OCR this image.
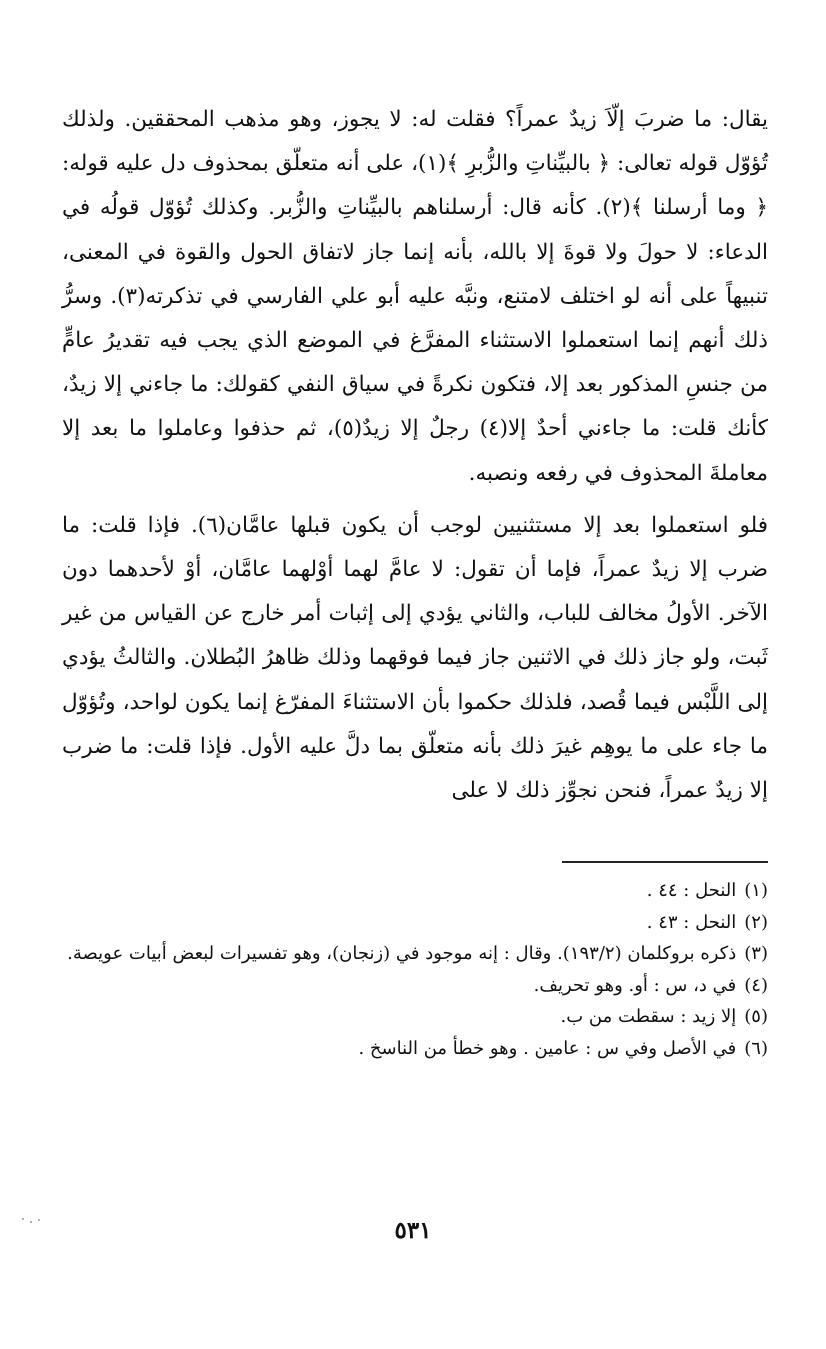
يقال: ما ضربَ إلّاَ زيدٌ عمراً؟ فقلت له: لا يجوز، وهو مذهب المحققين. ولذلك تُؤوّل قوله تعالى: ﴿ بالبيِّناتِ والزُّبرِ ﴾(١)، على أنه متعلّق بمحذوف دل عليه قوله: ﴿ وما أرسلنا ﴾(٢). كأنه قال: أرسلناهم بالبيِّناتِ والزُّبر. وكذلك تُؤوّل قولُه في الدعاء: لا حولَ ولا قوةَ إلا بالله، بأنه إنما جاز لاتفاق الحول والقوة في المعنى، تنبيهاً على أنه لو اختلف لامتنع، ونبَّه عليه أبو علي الفارسي في تذكرته(٣). وسرُّ ذلك أنهم إنما استعملوا الاستثناء المفرَّغ في الموضع الذي يجب فيه تقديرُ عامٍّ من جنسِ المذكور بعد إلا، فتكون نكرةً في سياق النفي كقولك: ما جاءني إلا زيدٌ، كأنك قلت: ما جاءني أحدٌ إلا(٤) رجلٌ إلا زيدٌ(٥)، ثم حذفوا وعاملوا ما بعد إلا معاملةَ المحذوف في رفعه ونصبه.

فلو استعملوا بعد إلا مستثنيين لوجب أن يكون قبلها عامَّان(٦). فإذا قلت: ما ضرب إلا زيدٌ عمراً، فإما أن تقول: لا عامَّ لهما أوْلهما عامَّان، أوْ لأحدهما دون الآخر. الأولُ مخالف للباب، والثاني يؤدي إلى إثبات أمر خارج عن القياس من غير ثَبت، ولو جاز ذلك في الاثنين جاز فيما فوقهما وذلك ظاهرُ البُطلان. والثالثُ يؤدي إلى اللَّبْس فيما قُصد، فلذلك حكموا بأن الاستثناءَ المفرّغ إنما يكون لواحد، وتُؤوّل ما جاء على ما يوهِم غيرَ ذلك بأنه متعلّق بما دلَّ عليه الأول. فإذا قلت: ما ضرب إلا زيدٌ عمراً، فنحن نجوِّز ذلك لا على

(١)
النحل : ٤٤ .
(٢)
النحل : ٤٣ .
(٣)
ذكره بروكلمان (١٩٣/٢). وقال : إنه موجود في (زنجان)، وهو تفسيرات لبعض أبيات عويصة.
(٤)
في د، س : أو. وهو تحريف.
(٥)
إلا زيد : سقطت من ب.
(٦)
في الأصل وفي س : عامين . وهو خطأ من الناسخ .
٥٣١
